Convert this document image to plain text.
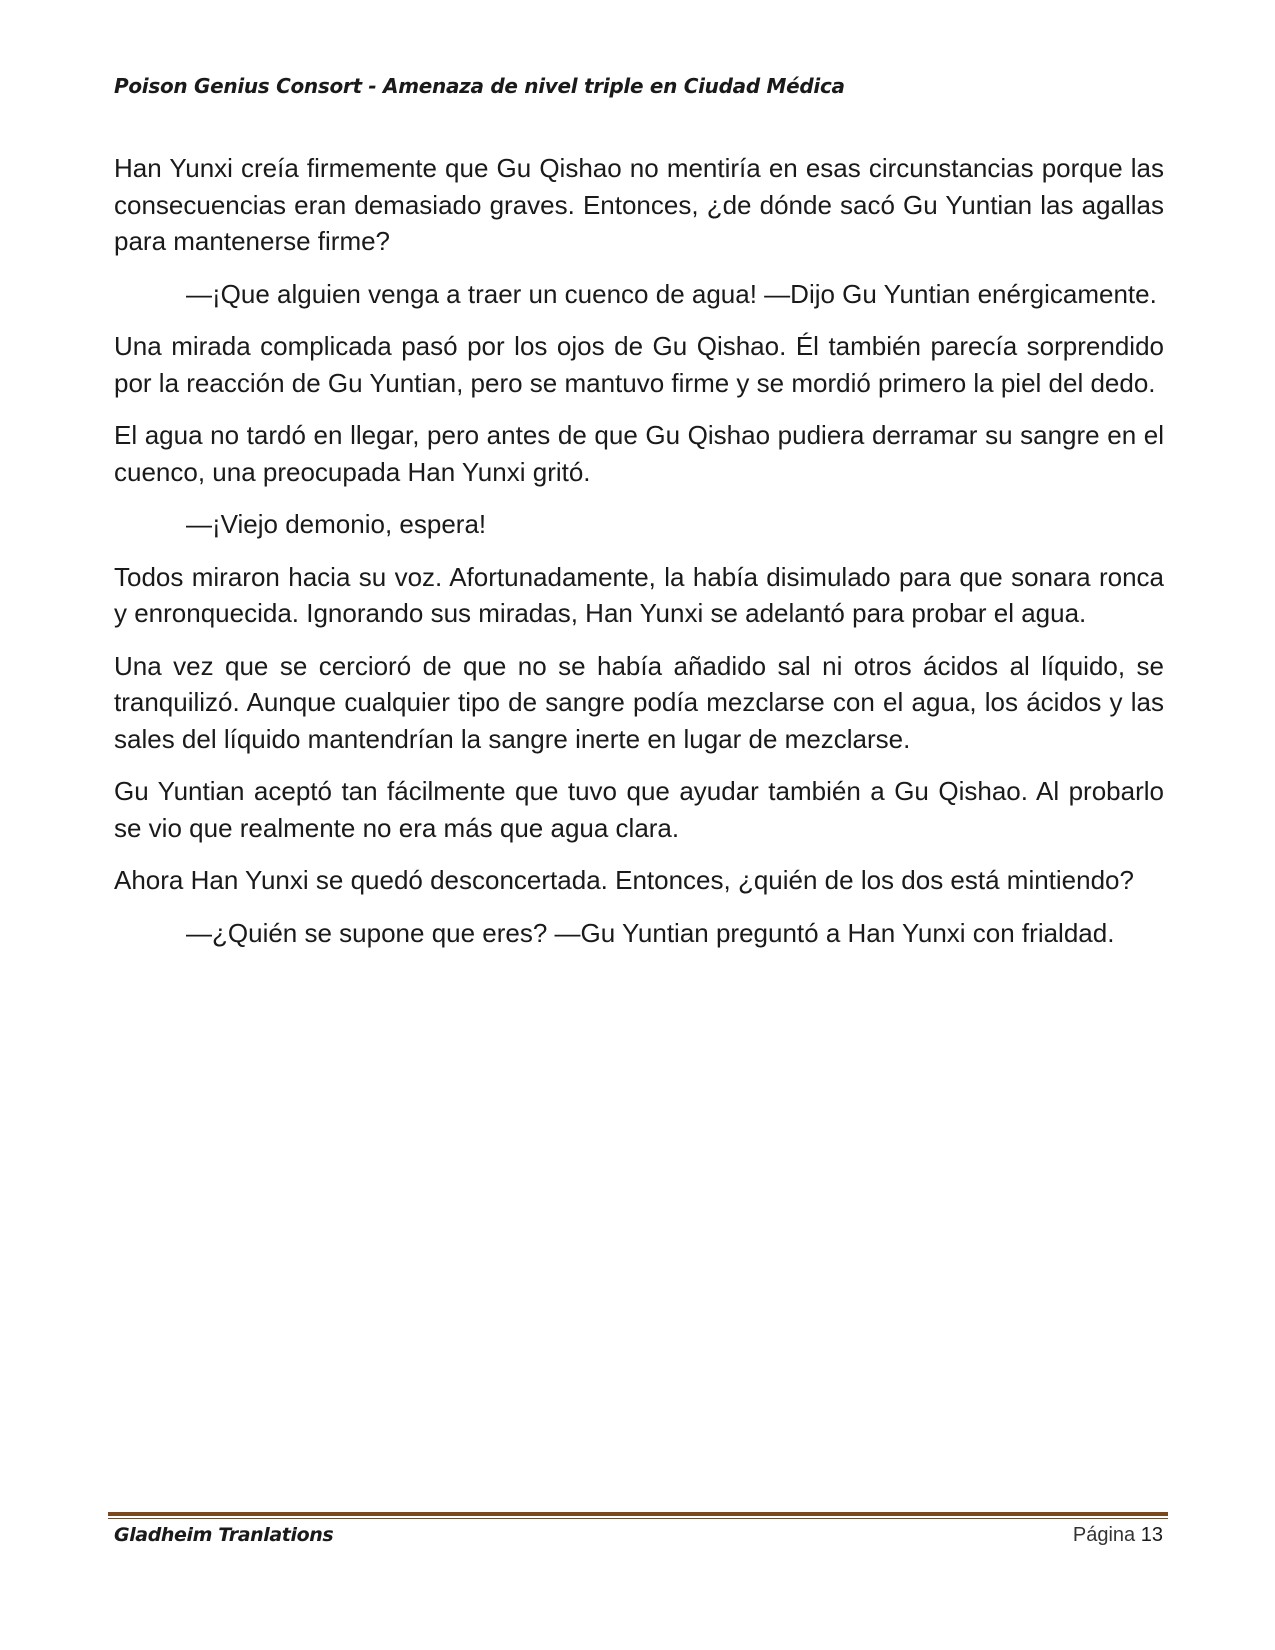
Poison Genius Consort - Amenaza de nivel triple en Ciudad Médica

Han Yunxi creía firmemente que Gu Qishao no mentiría en esas circunstancias porque las consecuencias eran demasiado graves. Entonces, ¿de dónde sacó Gu Yuntian las agallas para mantenerse firme?

—¡Que alguien venga a traer un cuenco de agua! —Dijo Gu Yuntian enérgicamente.

Una mirada complicada pasó por los ojos de Gu Qishao. Él también parecía sorprendido por la reacción de Gu Yuntian, pero se mantuvo firme y se mordió primero la piel del dedo.

El agua no tardó en llegar, pero antes de que Gu Qishao pudiera derramar su sangre en el cuenco, una preocupada Han Yunxi gritó.

—¡Viejo demonio, espera!

Todos miraron hacia su voz. Afortunadamente, la había disimulado para que sonara ronca y enronquecida. Ignorando sus miradas, Han Yunxi se adelantó para probar el agua.

Una vez que se cercioró de que no se había añadido sal ni otros ácidos al líquido, se tranquilizó. Aunque cualquier tipo de sangre podía mezclarse con el agua, los ácidos y las sales del líquido mantendrían la sangre inerte en lugar de mezclarse.

Gu Yuntian aceptó tan fácilmente que tuvo que ayudar también a Gu Qishao. Al probarlo se vio que realmente no era más que agua clara.

Ahora Han Yunxi se quedó desconcertada. Entonces, ¿quién de los dos está mintiendo?

—¿Quién se supone que eres? —Gu Yuntian preguntó a Han Yunxi con frialdad.

Gladheim Tranlations	Página 13
